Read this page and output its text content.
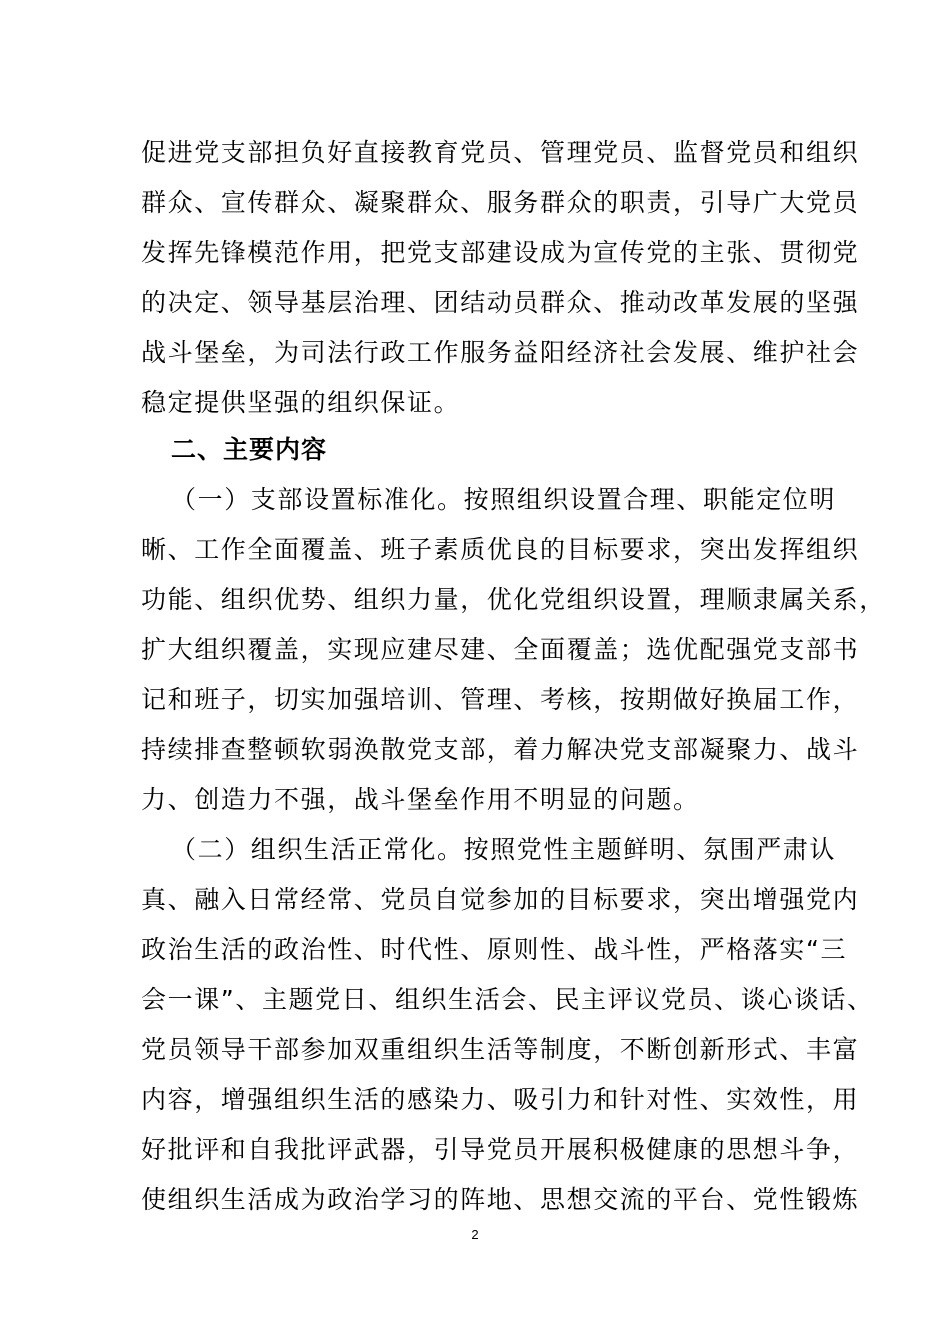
促进党支部担负好直接教育党员、管理党员、监督党员和组织
群众、宣传群众、凝聚群众、服务群众的职责，引导广大党员
发挥先锋模范作用，把党支部建设成为宣传党的主张、贯彻党
的决定、领导基层治理、团结动员群众、推动改革发展的坚强
战斗堡垒，为司法行政工作服务益阳经济社会发展、维护社会
稳定提供坚强的组织保证。
二、主要内容
（一）支部设置标准化。按照组织设置合理、职能定位明
晰、工作全面覆盖、班子素质优良的目标要求，突出发挥组织
功能、组织优势、组织力量，优化党组织设置，理顺隶属关系，
扩大组织覆盖，实现应建尽建、全面覆盖；选优配强党支部书
记和班子，切实加强培训、管理、考核，按期做好换届工作，
持续排查整顿软弱涣散党支部，着力解决党支部凝聚力、战斗
力、创造力不强，战斗堡垒作用不明显的问题。
（二）组织生活正常化。按照党性主题鲜明、氛围严肃认
真、融入日常经常、党员自觉参加的目标要求，突出增强党内
政治生活的政治性、时代性、原则性、战斗性，严格落实“三
会一课”、主题党日、组织生活会、民主评议党员、谈心谈话、
党员领导干部参加双重组织生活等制度，不断创新形式、丰富
内容，增强组织生活的感染力、吸引力和针对性、实效性，用
好批评和自我批评武器，引导党员开展积极健康的思想斗争，
使组织生活成为政治学习的阵地、思想交流的平台、党性锻炼
2
